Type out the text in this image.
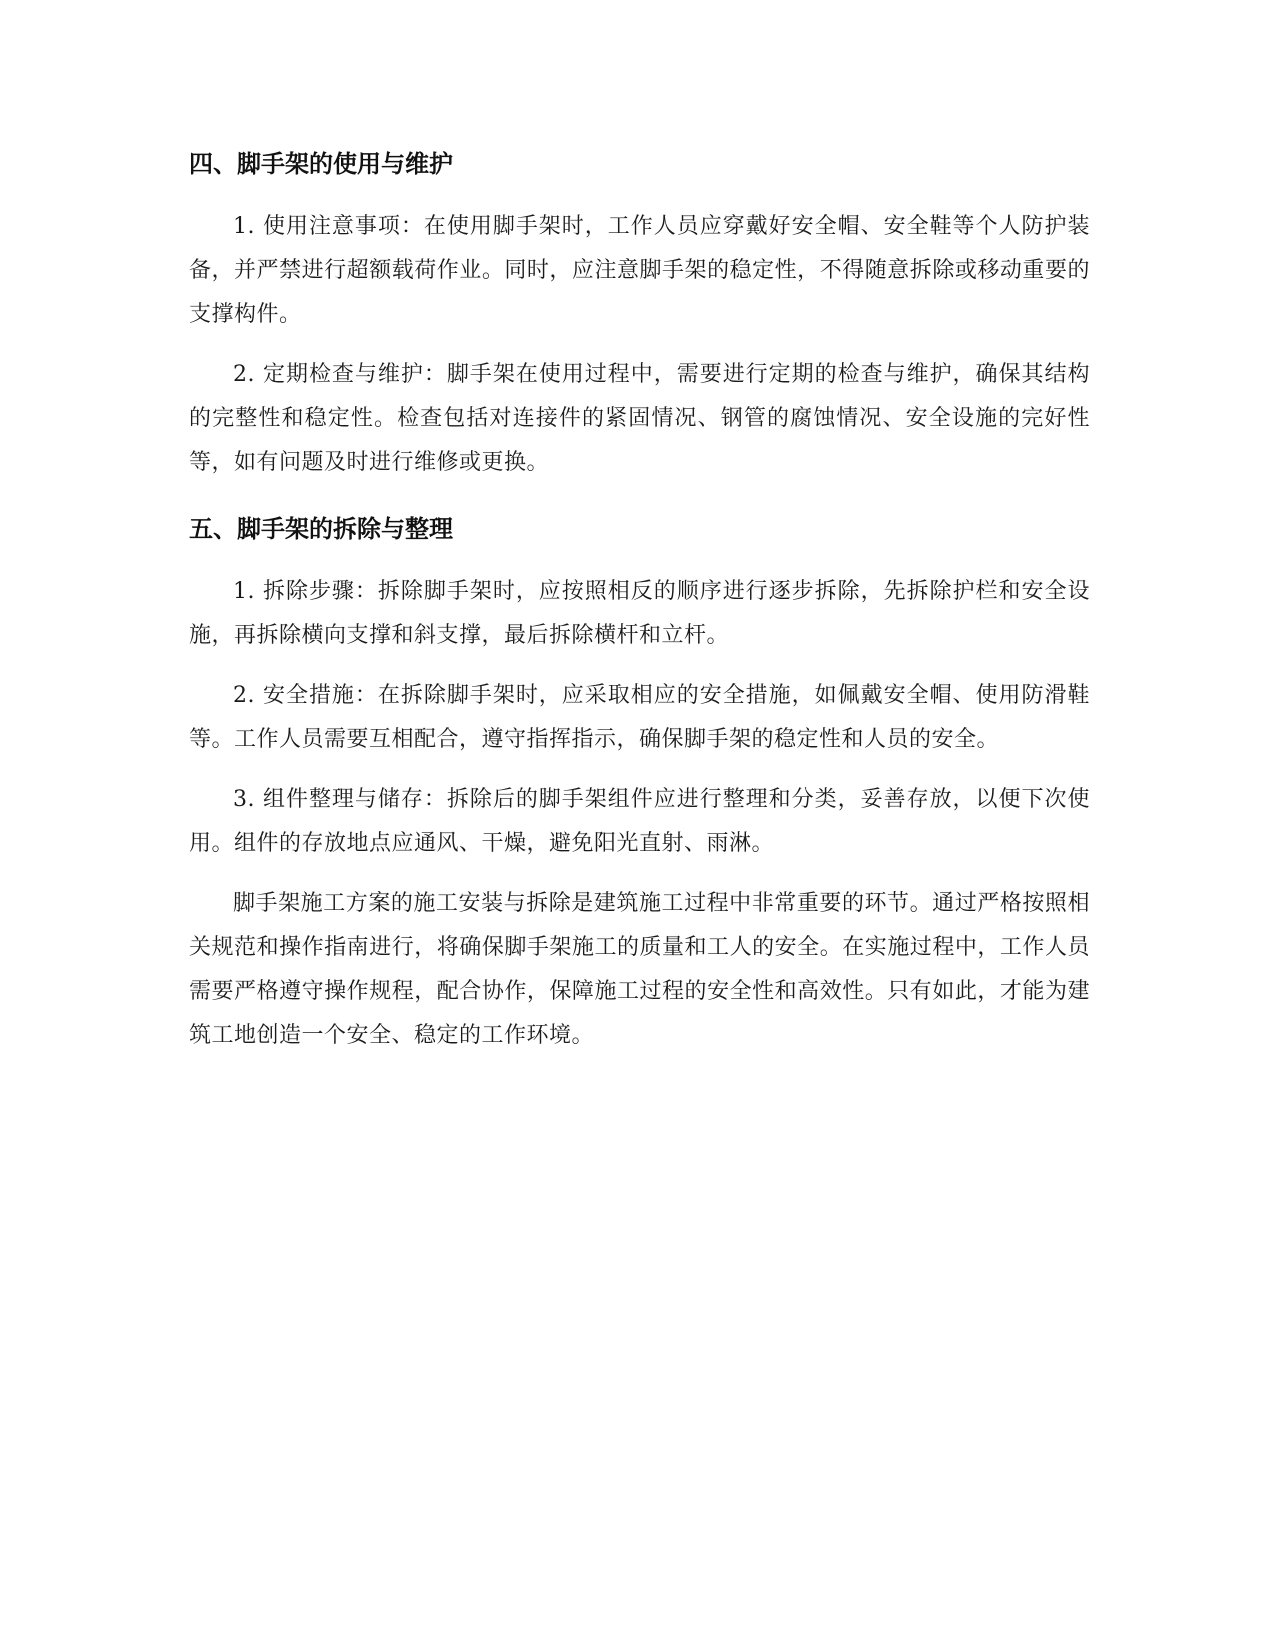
四、脚手架的使用与维护

1. 使用注意事项：在使用脚手架时，工作人员应穿戴好安全帽、安全鞋等个人防护装备，并严禁进行超额载荷作业。同时，应注意脚手架的稳定性，不得随意拆除或移动重要的支撑构件。

2. 定期检查与维护：脚手架在使用过程中，需要进行定期的检查与维护，确保其结构的完整性和稳定性。检查包括对连接件的紧固情况、钢管的腐蚀情况、安全设施的完好性等，如有问题及时进行维修或更换。

五、脚手架的拆除与整理

1. 拆除步骤：拆除脚手架时，应按照相反的顺序进行逐步拆除，先拆除护栏和安全设施，再拆除横向支撑和斜支撑，最后拆除横杆和立杆。

2. 安全措施：在拆除脚手架时，应采取相应的安全措施，如佩戴安全帽、使用防滑鞋等。工作人员需要互相配合，遵守指挥指示，确保脚手架的稳定性和人员的安全。

3. 组件整理与储存：拆除后的脚手架组件应进行整理和分类，妥善存放，以便下次使用。组件的存放地点应通风、干燥，避免阳光直射、雨淋。

脚手架施工方案的施工安装与拆除是建筑施工过程中非常重要的环节。通过严格按照相关规范和操作指南进行，将确保脚手架施工的质量和工人的安全。在实施过程中，工作人员需要严格遵守操作规程，配合协作，保障施工过程的安全性和高效性。只有如此，才能为建筑工地创造一个安全、稳定的工作环境。
